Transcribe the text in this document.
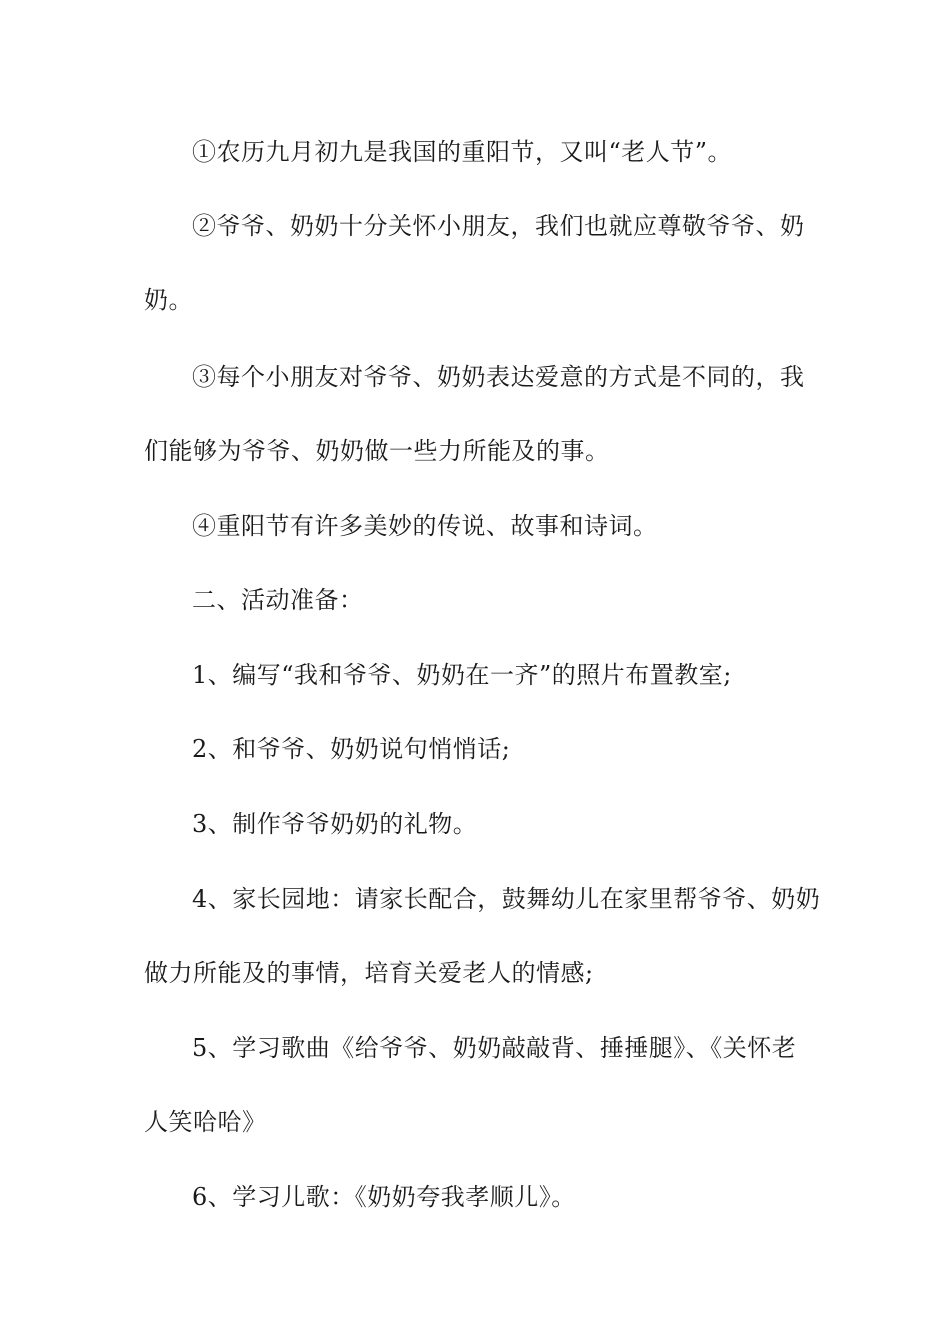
①农历九月初九是我国的重阳节，又叫“老人节”。
②爷爷、奶奶十分关怀小朋友，我们也就应尊敬爷爷、奶
奶。
③每个小朋友对爷爷、奶奶表达爱意的方式是不同的，我
们能够为爷爷、奶奶做一些力所能及的事。
④重阳节有许多美妙的传说、故事和诗词。
二、活动准备：
1、编写“我和爷爷、奶奶在一齐”的照片布置教室;
2、和爷爷、奶奶说句悄悄话;
3、制作爷爷奶奶的礼物。
4、家长园地：请家长配合，鼓舞幼儿在家里帮爷爷、奶奶
做力所能及的事情，培育关爱老人的情感;
5、学习歌曲《给爷爷、奶奶敲敲背、捶捶腿》、《关怀老
人笑哈哈》
6、学习儿歌：《奶奶夸我孝顺儿》。
